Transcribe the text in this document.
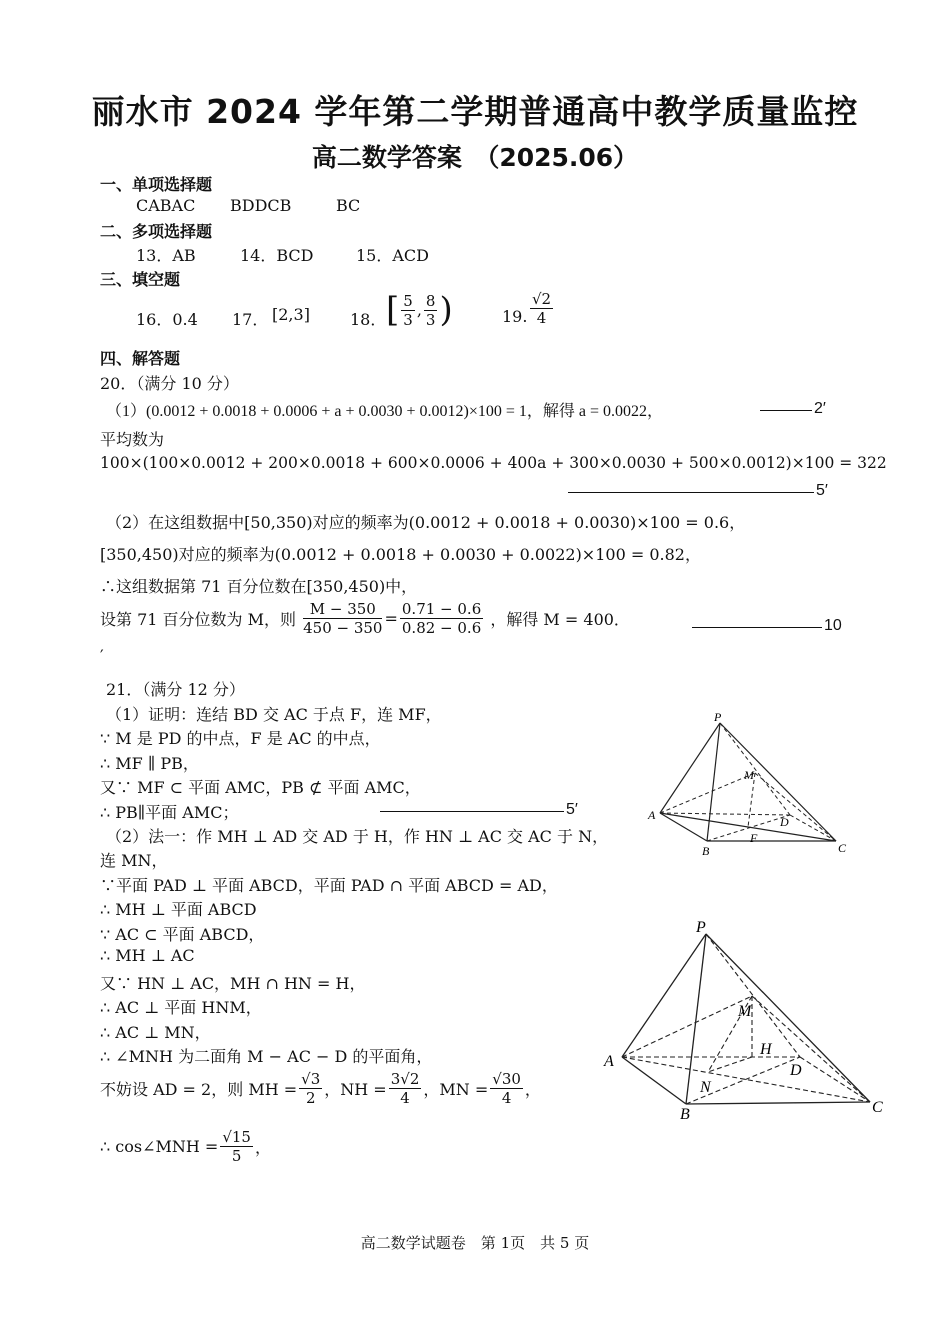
丽水市 2024 学年第二学期普通高中教学质量监控
高二数学答案　（2025.06）
一、单项选择题
CABAC BDDCB	BC
二、多项选择题
13．AB	14．BCD	15．ACD
三、填空题
16．0.4 17． [2,3]	18． [ $\frac{5}{3}$ , $\frac{8}{3}$ )	19. $\frac{√2}{4}$
四、解答题
20．（满分 10 分）
（1）(0.0012 + 0.0018 + 0.0006 + a + 0.0030 + 0.0012)×100 = 1，解得 a = 0.0022，	2′
平均数为
100×(100×0.0012 + 200×0.0018 + 600×0.0006 + 400a + 300×0.0030 + 500×0.0012)×100 = 322
5′
（2）在这组数据中[50,350)对应的频率为(0.0012 + 0.0018 + 0.0030)×100 = 0.6，
[350,450)对应的频率为(0.0012 + 0.0018 + 0.0030 + 0.0022)×100 = 0.82，
∴这组数据第 71 百分位数在[350,450)中，
设第 71 百分位数为 M，则 $\frac{M - 350}{450 - 350} = \frac{0.71 - 0.6}{0.82 - 0.6}$ ，解得 M = 400．	10
′
21．（满分 12 分）
（1）证明：连结 BD 交 AC 于点 F，连 MF，
∵ M 是 PD 的中点，F 是 AC 的中点，
∴ MF ∥ PB，
又∵ MF ⊂ 平面 AMC，PB ⊄ 平面 AMC，
∴ PB∥平面 AMC；	5′
（2）法一：作 MH ⊥ AD 交 AD 于 H，作 HN ⊥ AC 交 AC 于 N，
连 MN，
∵平面 PAD ⊥ 平面 ABCD，平面 PAD ∩ 平面 ABCD = AD，
∴ MH ⊥ 平面 ABCD
∵ AC ⊂ 平面 ABCD，
∴ MH ⊥ AC
又∵ HN ⊥ AC，MH ∩ HN = H，
∴ AC ⊥ 平面 HNM，
∴ AC ⊥ MN，
∴ ∠MNH 为二面角 M − AC − D 的平面角，
不妨设 AD = 2，则 MH = $\frac{√3}{2}$ ，NH = $\frac{3√2}{4}$ ，MN = $\frac{√30}{4}$ ，
∴ cos∠MNH = $\frac{√15}{5}$ ，
P
M
A	D
B
F
C
P
M
H
A
D
N
B	C
高二数学试题卷　第 1页　共 5 页
